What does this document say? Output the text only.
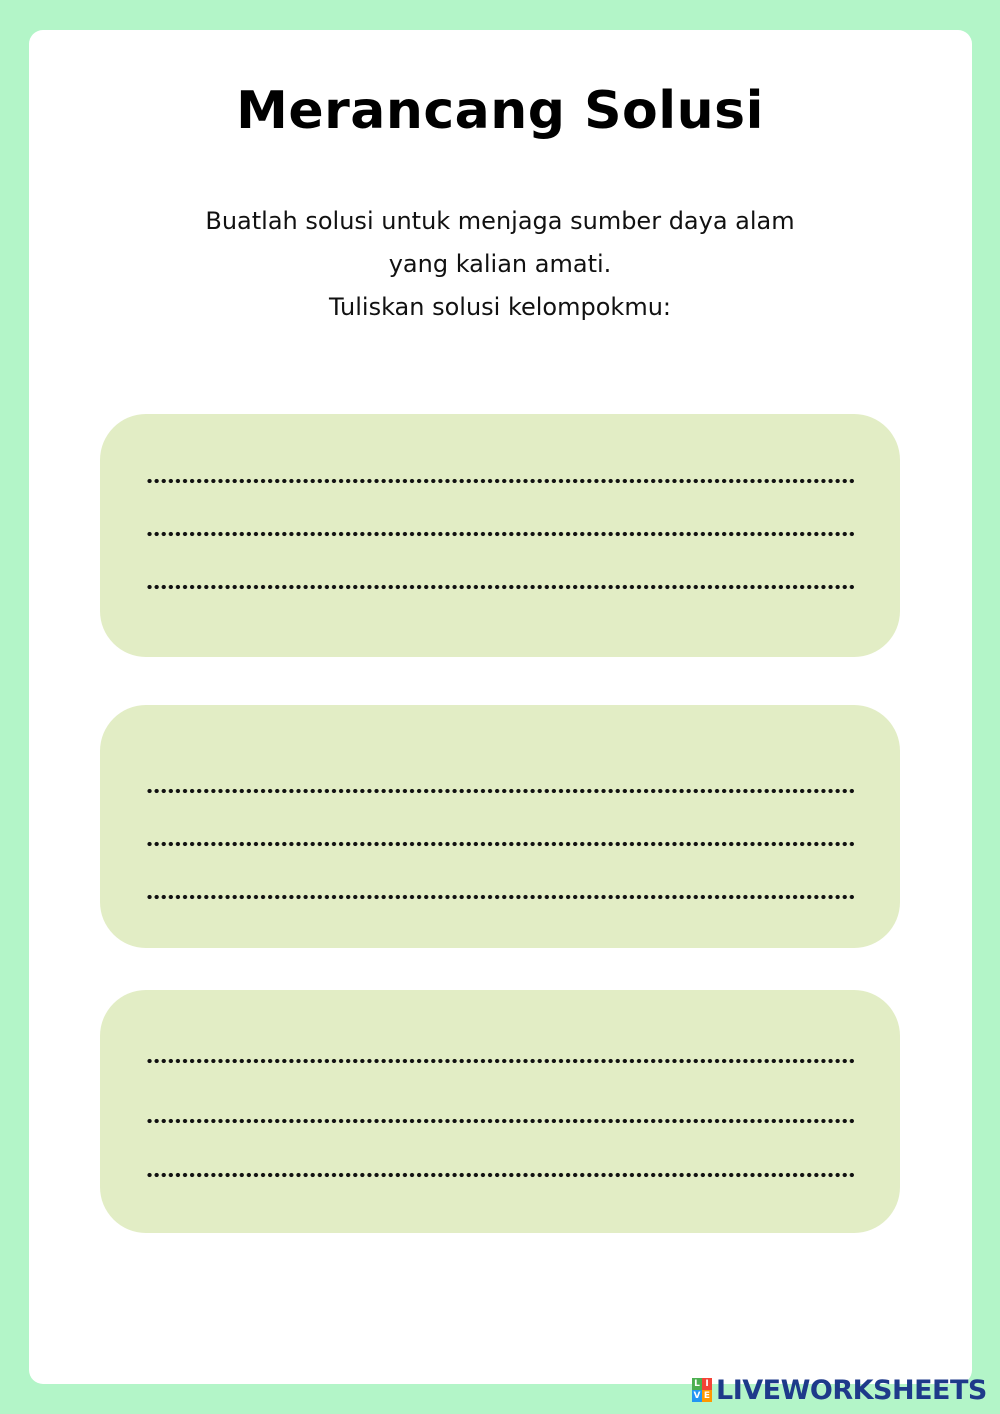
Merancang Solusi
Buatlah solusi untuk menjaga sumber daya alam
yang kalian amati.
Tuliskan solusi kelompokmu:
L I
V E LIVEWORKSHEETS
